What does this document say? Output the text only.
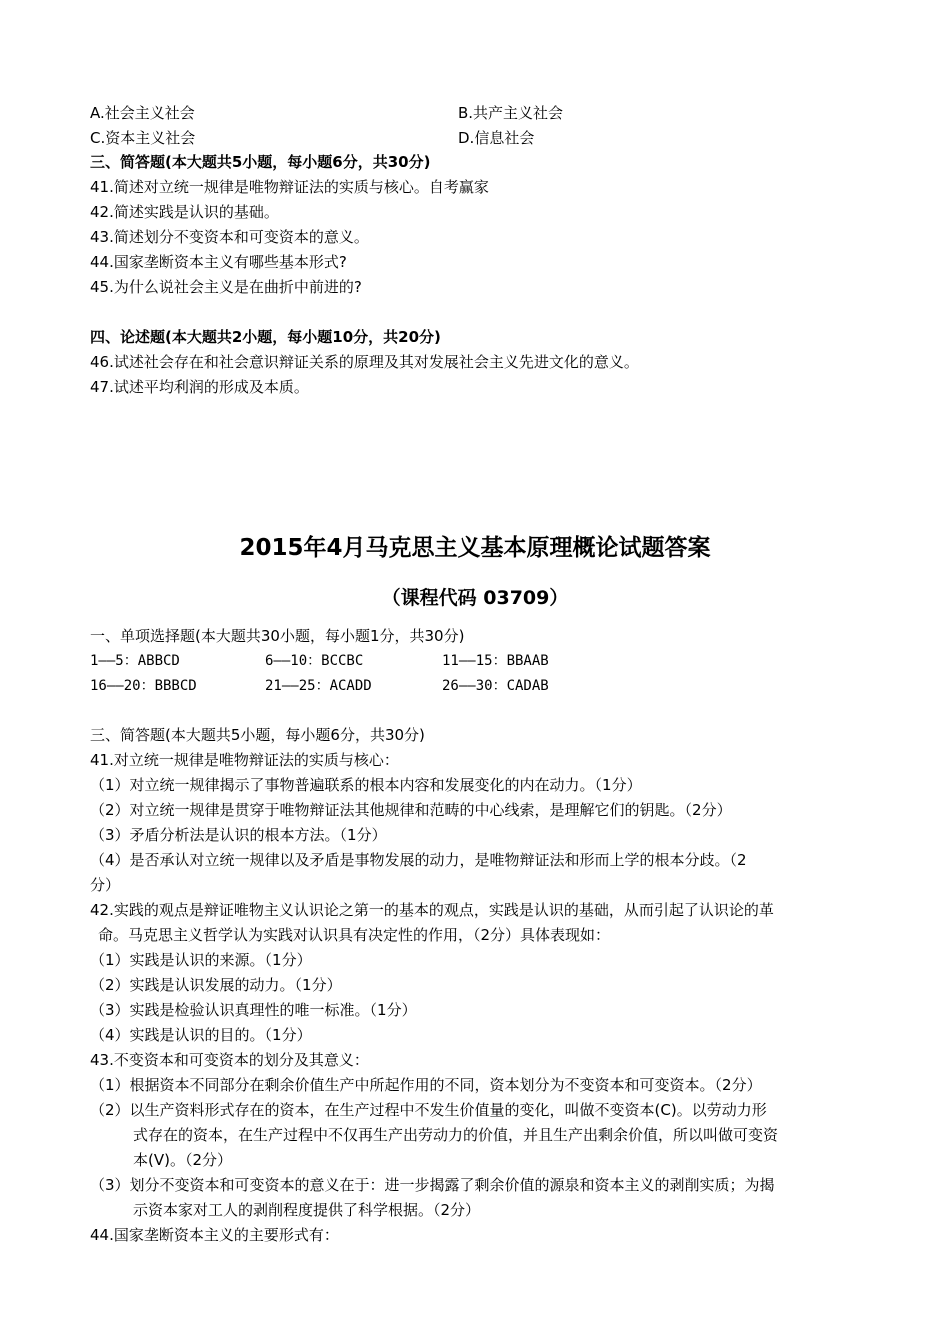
A.社会主义社会	B.共产主义社会
C.资本主义社会	D.信息社会
三、简答题(本大题共5小题，每小题6分，共30分)
41.简述对立统一规律是唯物辩证法的实质与核心。自考赢家
42.简述实践是认识的基础。
43.简述划分不变资本和可变资本的意义。
44.国家垄断资本主义有哪些基本形式?
45.为什么说社会主义是在曲折中前进的?
四、论述题(本大题共2小题，每小题10分，共20分)
46.试述社会存在和社会意识辩证关系的原理及其对发展社会主义先进文化的意义。
47.试述平均利润的形成及本质。
2015年4月马克思主义基本原理概论试题答案
（课程代码 03709）
一、单项选择题(本大题共30小题，每小题1分，共30分)
1——5：ABBCD	6——10：BCCBC	11——15：BBAAB
16——20：BBBCD	21——25：ACADD	26——30：CADAB
三、简答题(本大题共5小题，每小题6分，共30分)
41.对立统一规律是唯物辩证法的实质与核心：
（1）对立统一规律揭示了事物普遍联系的根本内容和发展变化的内在动力。（1分）
（2）对立统一规律是贯穿于唯物辩证法其他规律和范畴的中心线索，是理解它们的钥匙。（2分）
（3）矛盾分析法是认识的根本方法。（1分）
（4）是否承认对立统一规律以及矛盾是事物发展的动力，是唯物辩证法和形而上学的根本分歧。（2
分）
42.实践的观点是辩证唯物主义认识论之第一的基本的观点，实践是认识的基础，从而引起了认识论的革
命。马克思主义哲学认为实践对认识具有决定性的作用，（2分）具体表现如：
（1）实践是认识的来源。（1分）
（2）实践是认识发展的动力。（1分）
（3）实践是检验认识真理性的唯一标准。（1分）
（4）实践是认识的目的。（1分）
43.不变资本和可变资本的划分及其意义：
（1）根据资本不同部分在剩余价值生产中所起作用的不同，资本划分为不变资本和可变资本。（2分）
（2）以生产资料形式存在的资本，在生产过程中不发生价值量的变化，叫做不变资本(C)。以劳动力形
式存在的资本，在生产过程中不仅再生产出劳动力的价值，并且生产出剩余价值，所以叫做可变资
本(V)。（2分）
（3）划分不变资本和可变资本的意义在于：进一步揭露了剩余价值的源泉和资本主义的剥削实质；为揭
示资本家对工人的剥削程度提供了科学根据。（2分）
44.国家垄断资本主义的主要形式有：
